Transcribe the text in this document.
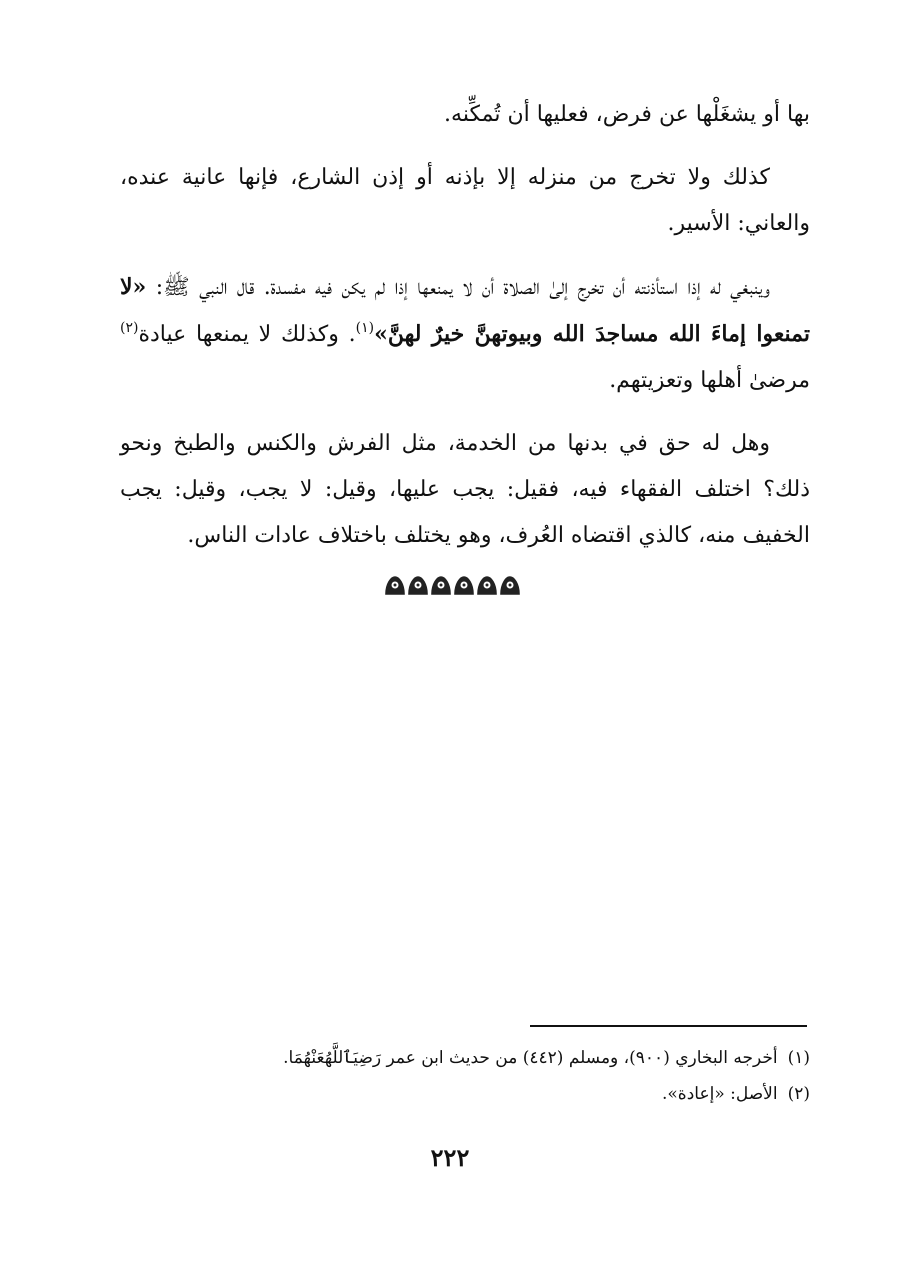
بها أو يشغَلْها عن فرض، فعليها أن تُمكِّنه.

كذلك ولا تخرج من منزله إلا بإذنه أو إذن الشارع، فإنها عانية عنده، والعاني: الأسير.

وينبغي له إذا استأذنته أن تخرج إلىٰ الصلاة أن لا يمنعها إذا لم يكن فيه مفسدة. قال النبي ﷺ: «لا تمنعوا إماءَ الله مساجدَ الله وبيوتهنَّ خيرٌ لهنَّ»$^{(١)}$. وكذلك لا يمنعها عيادة$^{(٢)}$ مرضىٰ أهلها وتعزيتهم.

وهل له حق في بدنها من الخدمة، مثل الفرش والكنس والطبخ ونحو ذلك؟ اختلف الفقهاء فيه، فقيل: يجب عليها، وقيل: لا يجب، وقيل: يجب الخفيف منه، كالذي اقتضاه العُرف، وهو يختلف باختلاف عادات الناس.

(١)أخرجه البخاري (٩٠٠)، ومسلم (٤٤٢) من حديث ابن عمر رَضِيَٱللَّهُعَنْهُمَا.

(٢)الأصل: «إعادة».

٢٢٢
